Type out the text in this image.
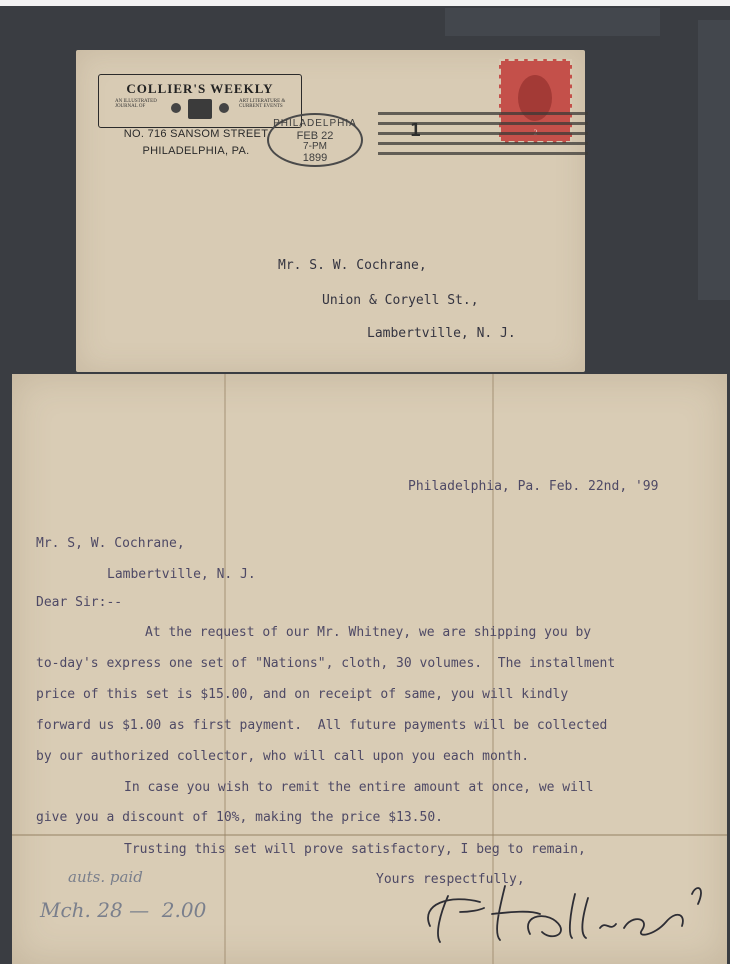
COLLIER'S WEEKLY
AN ILLUSTRATED JOURNAL OF
ART LITERATURE & CURRENT EVENTS
NO. 716 SANSOM STREET
PHILADELPHIA, PA.
1
PHILADELPHIA
FEB 22
7-PM
1899
Mr. S. W. Cochrane,
Union & Coryell St.,
Lambertville, N. J.
Philadelphia, Pa. Feb. 22nd, '99
Mr. S, W. Cochrane,
Lambertville, N. J.
Dear Sir:--
At the request of our Mr. Whitney, we are shipping you by
to-day's express one set of "Nations", cloth, 30 volumes.  The installment
price of this set is $15.00, and on receipt of same, you will kindly
forward us $1.00 as first payment.  All future payments will be collected
by our authorized collector, who will call upon you each month.
In case you wish to remit the entire amount at once, we will
give you a discount of 10%, making the price $13.50.
Trusting this set will prove satisfactory, I beg to remain,
Yours respectfully,
auts. paid
Mch. 28 —  2.00
